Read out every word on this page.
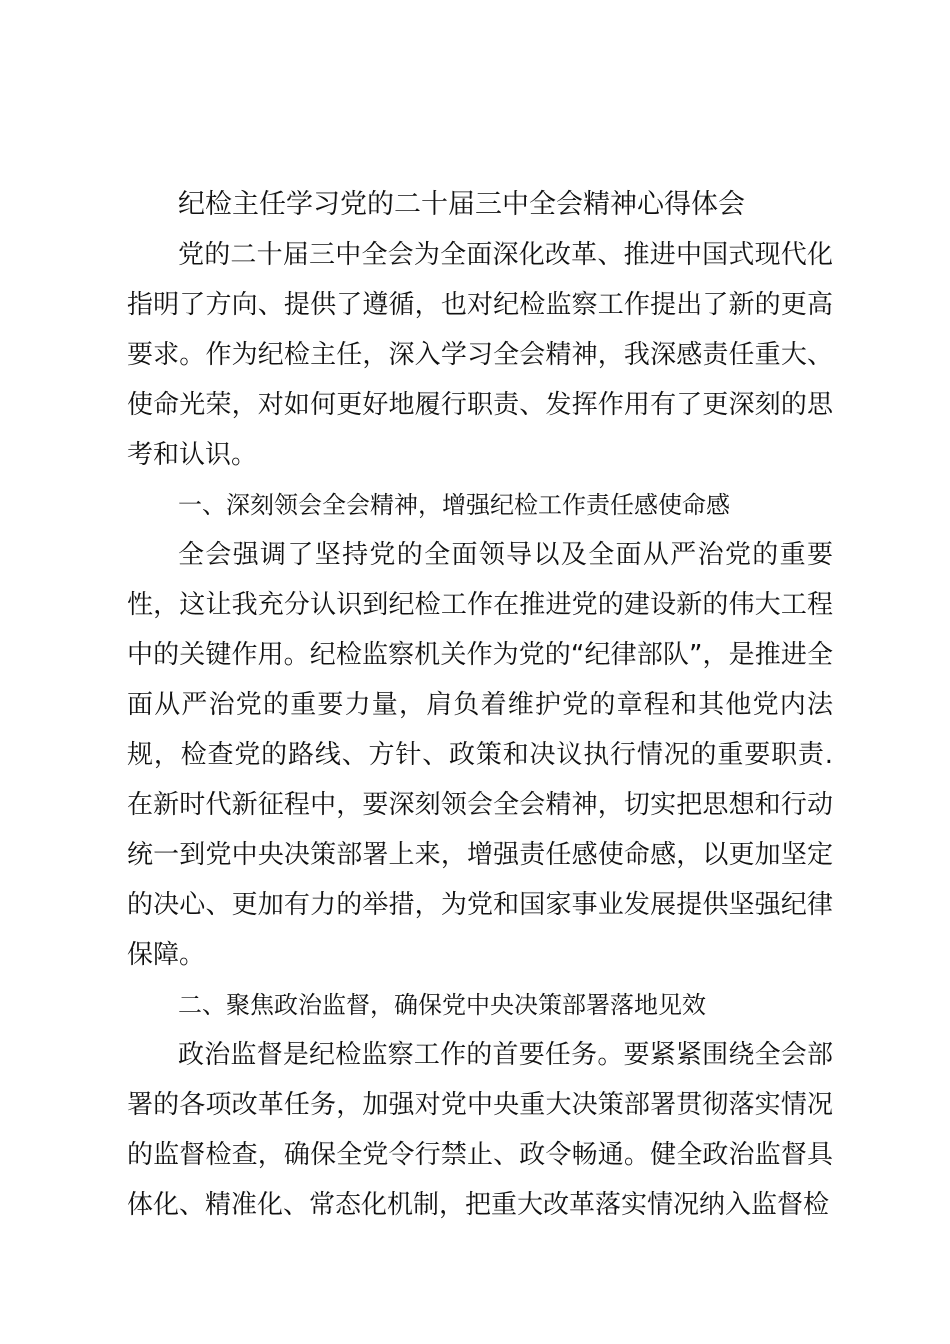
纪检主任学习党的二十届三中全会精神心得体会

党的二十届三中全会为全面深化改革、推进中国式现代化指明了方向、提供了遵循，也对纪检监察工作提出了新的更高要求。作为纪检主任，深入学习全会精神，我深感责任重大、使命光荣，对如何更好地履行职责、发挥作用有了更深刻的思考和认识。

一、深刻领会全会精神，增强纪检工作责任感使命感

全会强调了坚持党的全面领导以及全面从严治党的重要性，这让我充分认识到纪检工作在推进党的建设新的伟大工程中的关键作用。纪检监察机关作为党的“纪律部队”，是推进全面从严治党的重要力量，肩负着维护党的章程和其他党内法规，检查党的路线、方针、政策和决议执行情况的重要职责.在新时代新征程中，要深刻领会全会精神，切实把思想和行动统一到党中央决策部署上来，增强责任感使命感，以更加坚定的决心、更加有力的举措，为党和国家事业发展提供坚强纪律保障。

二、聚焦政治监督，确保党中央决策部署落地见效

政治监督是纪检监察工作的首要任务。要紧紧围绕全会部署的各项改革任务，加强对党中央重大决策部署贯彻落实情况的监督检查，确保全党令行禁止、政令畅通。健全政治监督具体化、精准化、常态化机制，把重大改革落实情况纳入监督检
